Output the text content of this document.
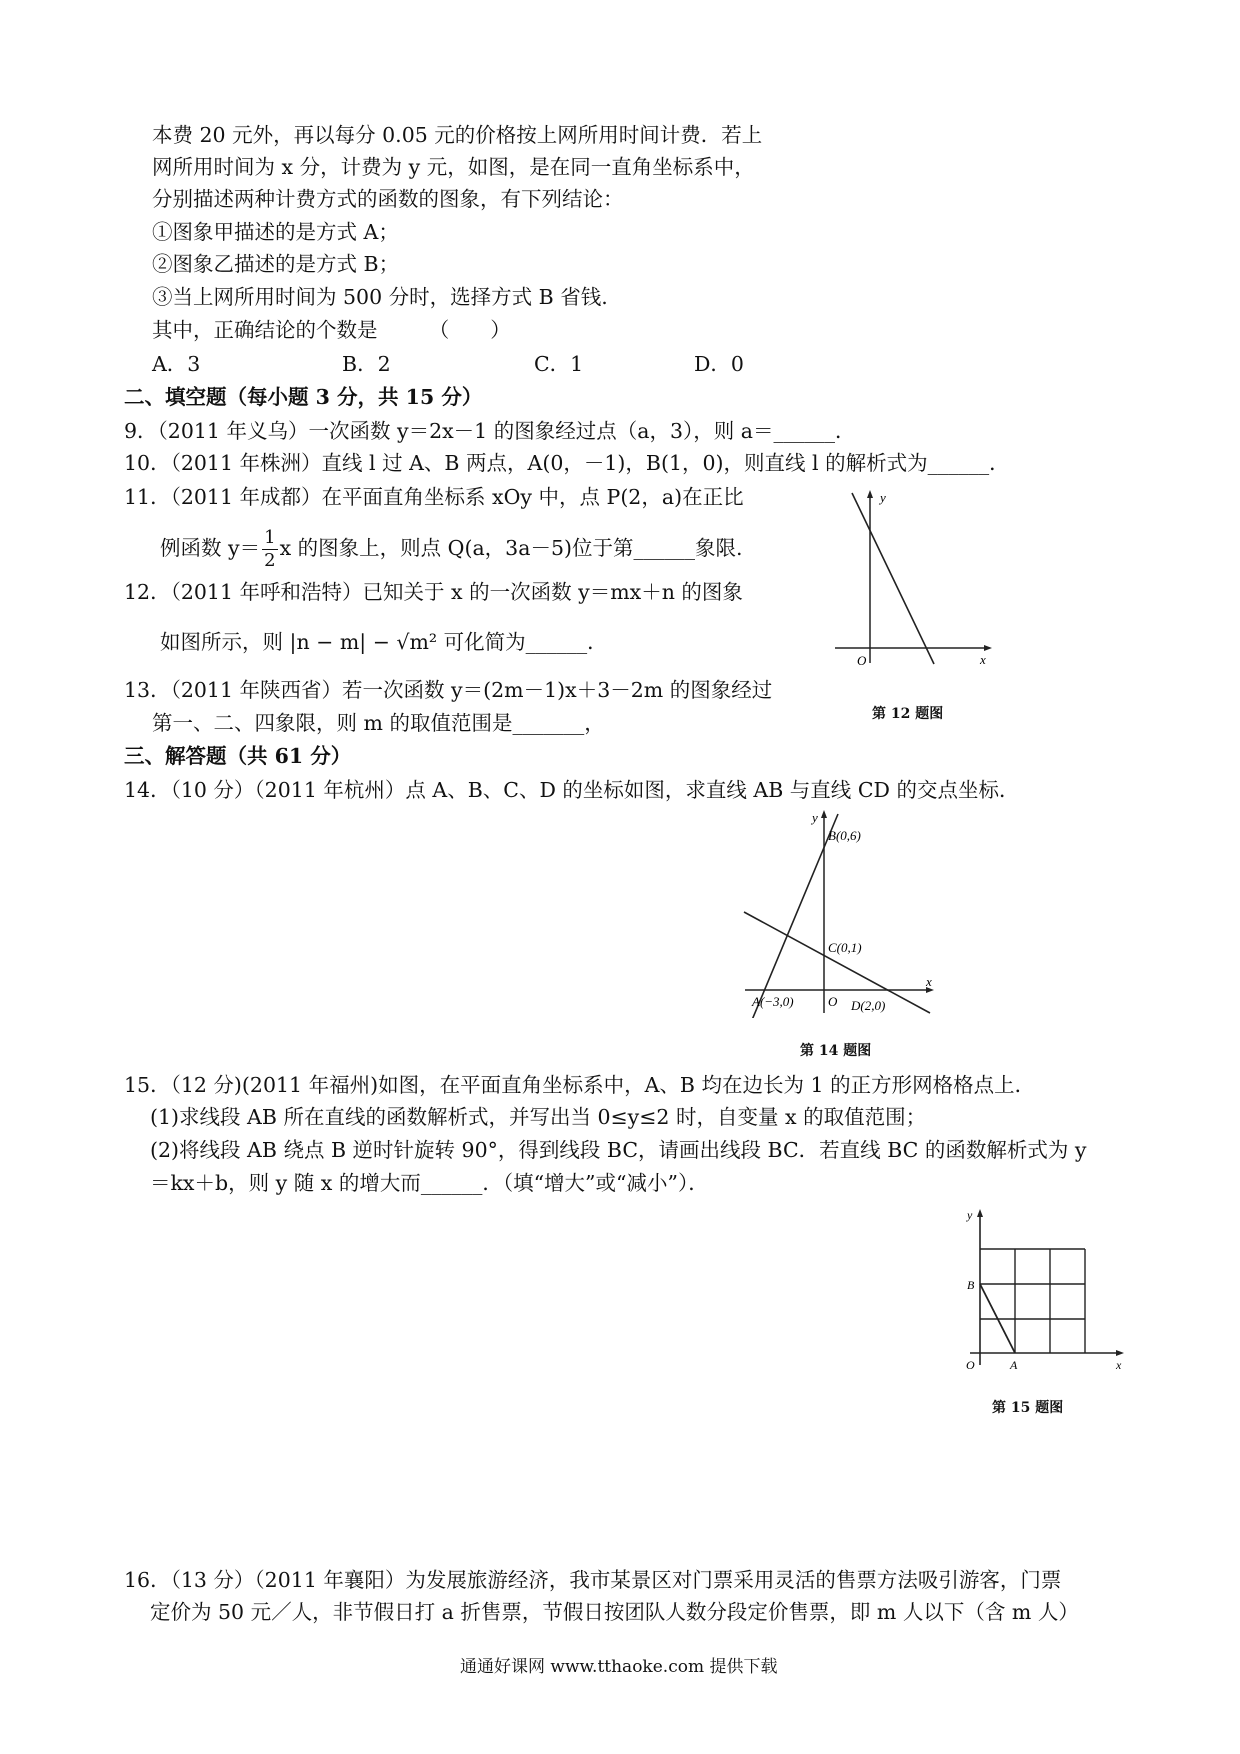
本费 20 元外，再以每分 0.05 元的价格按上网所用时间计费．若上
网所用时间为 x 分，计费为 y 元，如图，是在同一直角坐标系中，
分别描述两种计费方式的函数的图象，有下列结论：
①图象甲描述的是方式 A；
②图象乙描述的是方式 B；
③当上网所用时间为 500 分时，选择方式 B 省钱.
其中，正确结论的个数是　　　（　　）
A．3	B．2	C．1	D．0
二、填空题（每小题 3 分，共 15 分）
9．（2011 年义乌）一次函数 y＝2x－1 的图象经过点（a，3），则 a＝______．
10．（2011 年株洲）直线 l 过 A、B 两点，A(0，－1)，B(1，0)，则直线 l 的解析式为______．
11．（2011 年成都）在平面直角坐标系 xOy 中，点 P(2，a)在正比
例函数 $y= \frac{1}{2}$ x 的图象上，则点 Q(a，3a－5)位于第______象限.
12．（2011 年呼和浩特）已知关于 x 的一次函数 y＝mx＋n 的图象
如图所示，则 |n − m| − √m² 可化简为______．
13．（2011 年陕西省）若一次函数 y＝(2m－1)x＋3－2m 的图象经过
第一、二、四象限，则 m 的取值范围是_______，
y
x
O
第 12 题图
三、解答题（共 61 分）
14．（10 分）（2011 年杭州）点 A、B、C、D 的坐标如图，求直线 AB 与直线 CD 的交点坐标．
y
x
O
B(0,6)
C(0,1)
A(−3,0)	D(2,0)
第 14 题图
15．（12 分)(2011 年福州)如图，在平面直角坐标系中，A、B 均在边长为 1 的正方形网格格点上．
(1)求线段 AB 所在直线的函数解析式，并写出当 0≤y≤2 时，自变量 x 的取值范围；
(2)将线段 AB 绕点 B 逆时针旋转 90°，得到线段 BC，请画出线段 BC．若直线 BC 的函数解析式为 y
＝kx＋b，则 y 随 x 的增大而______．（填“增大”或“减小”）．
y
x
O	A
B
第 15 题图
16．（13 分）（2011 年襄阳）为发展旅游经济，我市某景区对门票采用灵活的售票方法吸引游客，门票
定价为 50 元／人，非节假日打 a 折售票，节假日按团队人数分段定价售票，即 m 人以下（含 m 人）
通通好课网 www.tthaoke.com 提供下载
